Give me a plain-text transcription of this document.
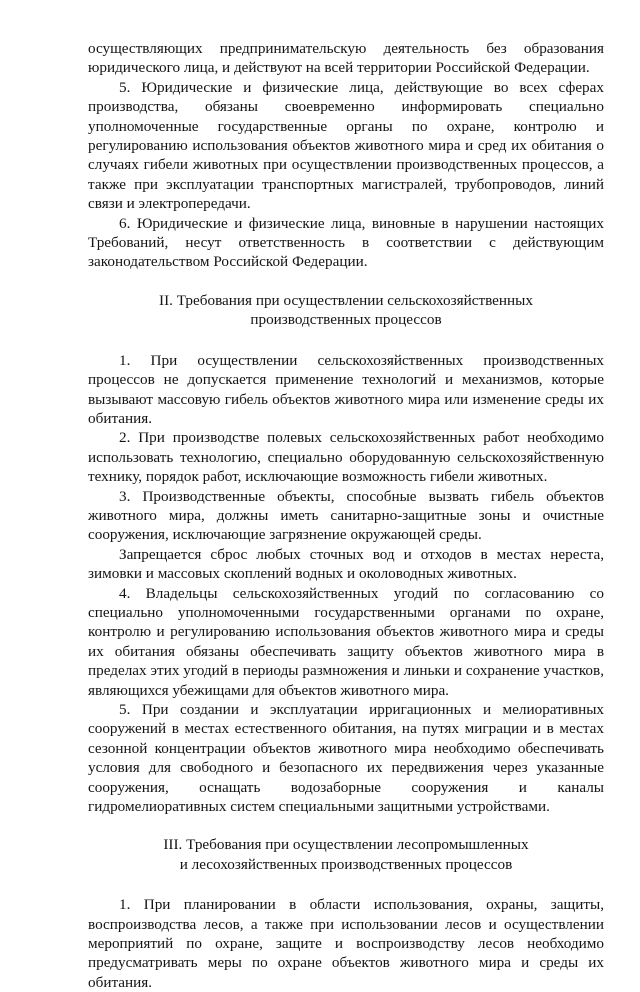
осуществляющих предпринимательскую деятельность без образования юридического лица, и действуют на всей территории Российской Федерации.

5. Юридические и физические лица, действующие во всех сферах производства, обязаны своевременно информировать специально уполномоченные государственные органы по охране, контролю и регулированию использования объектов животного мира и сред их обитания о случаях гибели животных при осуществлении производственных процессов, а также при эксплуатации транспортных магистралей, трубопроводов, линий связи и электропередачи.

6. Юридические и физические лица, виновные в нарушении настоящих Требований, несут ответственность в соответствии с действующим законодательством Российской Федерации.

II. Требования при осуществлении сельскохозяйственных

производственных процессов

1. При осуществлении сельскохозяйственных производственных процессов не допускается применение технологий и механизмов, которые вызывают массовую гибель объектов животного мира или изменение среды их обитания.

2. При производстве полевых сельскохозяйственных работ необходимо использовать технологию, специально оборудованную сельскохозяйственную технику, порядок работ, исключающие возможность гибели животных.

3. Производственные объекты, способные вызвать гибель объектов животного мира, должны иметь санитарно-защитные зоны и очистные сооружения, исключающие загрязнение окружающей среды.

Запрещается сброс любых сточных вод и отходов в местах нереста, зимовки и массовых скоплений водных и околоводных животных.

4. Владельцы сельскохозяйственных угодий по согласованию со специально уполномоченными государственными органами по охране, контролю и регулированию использования объектов животного мира и среды их обитания обязаны обеспечивать защиту объектов животного мира в пределах этих угодий в периоды размножения и линьки и сохранение участков, являющихся убежищами для объектов животного мира.

5. При создании и эксплуатации ирригационных и мелиоративных сооружений в местах естественного обитания, на путях миграции и в местах сезонной концентрации объектов животного мира необходимо обеспечивать условия для свободного и безопасного их передвижения через указанные сооружения, оснащать водозаборные сооружения и каналы гидромелиоративных систем специальными защитными устройствами.

III. Требования при осуществлении лесопромышленных

и лесохозяйственных производственных процессов

1. При планировании в области использования, охраны, защиты, воспроизводства лесов, а также при использовании лесов и осуществлении мероприятий по охране, защите и воспроизводству лесов необходимо предусматривать меры по охране объектов животного мира и среды их обитания.
